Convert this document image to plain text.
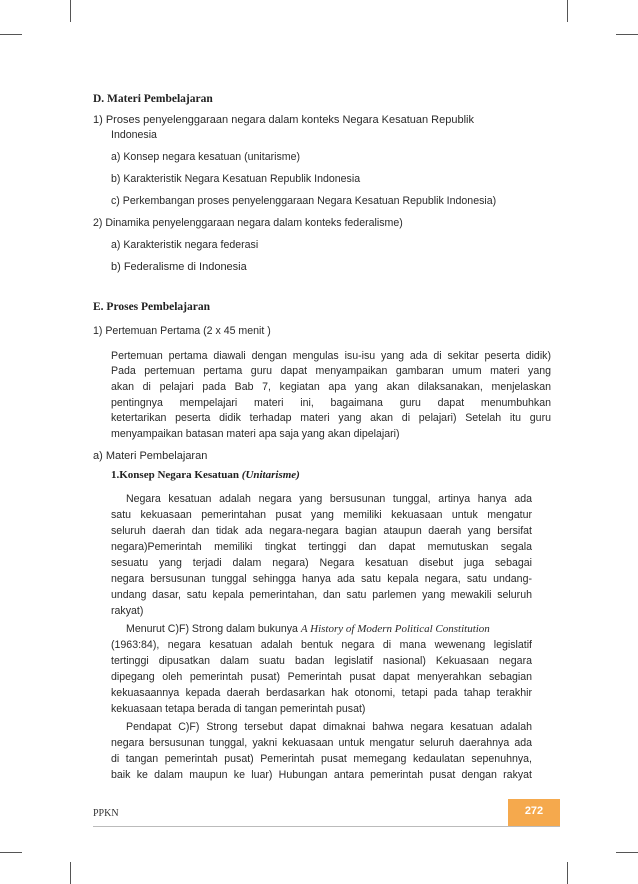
D. Materi Pembelajaran
1) Proses penyelenggaraan negara dalam konteks Negara Kesatuan Republik
Indonesia
a) Konsep negara kesatuan (unitarisme)
b) Karakteristik Negara Kesatuan Republik Indonesia
c) Perkembangan proses penyelenggaraan Negara Kesatuan Republik Indonesia)
2) Dinamika penyelenggaraan negara dalam konteks federalisme)
a) Karakteristik negara federasi
b) Federalisme di Indonesia
E. Proses Pembelajaran
1) Pertemuan Pertama (2 x 45 menit )
Pertemuan pertama diawali dengan mengulas isu-isu yang ada di sekitar peserta didik)
Pada pertemuan pertama guru dapat menyampaikan gambaran umum materi yang
akan di pelajari pada Bab 7, kegiatan apa yang akan dilaksanakan, menjelaskan
pentingnya mempelajari materi ini, bagaimana guru dapat menumbuhkan
ketertarikan peserta didik terhadap materi yang akan di pelajari) Setelah itu guru
menyampaikan batasan materi apa saja yang akan dipelajari)
a) Materi Pembelajaran
1.Konsep Negara Kesatuan (Unitarisme)
Negara kesatuan adalah negara yang bersusunan tunggal, artinya hanya ada
satu kekuasaan pemerintahan pusat yang memiliki kekuasaan untuk mengatur
seluruh daerah dan tidak ada negara-negara bagian ataupun daerah yang bersifat
negara)Pemerintah memiliki tingkat tertinggi dan dapat memutuskan segala
sesuatu yang terjadi dalam negara) Negara kesatuan disebut juga sebagai
negara bersusunan tunggal sehingga hanya ada satu kepala negara, satu undang-
undang dasar, satu kepala pemerintahan, dan satu parlemen yang mewakili seluruh
rakyat)
Menurut C)F) Strong dalam bukunya A History of Modern Political Constitution
(1963:84), negara kesatuan adalah bentuk negara di mana wewenang legislatif
tertinggi dipusatkan dalam suatu badan legislatif nasional) Kekuasaan negara
dipegang oleh pemerintah pusat) Pemerintah pusat dapat menyerahkan sebagian
kekuasaannya kepada daerah berdasarkan hak otonomi, tetapi pada tahap terakhir
kekuasaan tetapa berada di tangan pemerintah pusat)
Pendapat C)F) Strong tersebut dapat dimaknai bahwa negara kesatuan adalah
negara bersusunan tunggal, yakni kekuasaan untuk mengatur seluruh daerahnya ada
di tangan pemerintah pusat) Pemerintah pusat memegang kedaulatan sepenuhnya,
baik ke dalam maupun ke luar) Hubungan antara pemerintah pusat dengan rakyat
PPKN	272
